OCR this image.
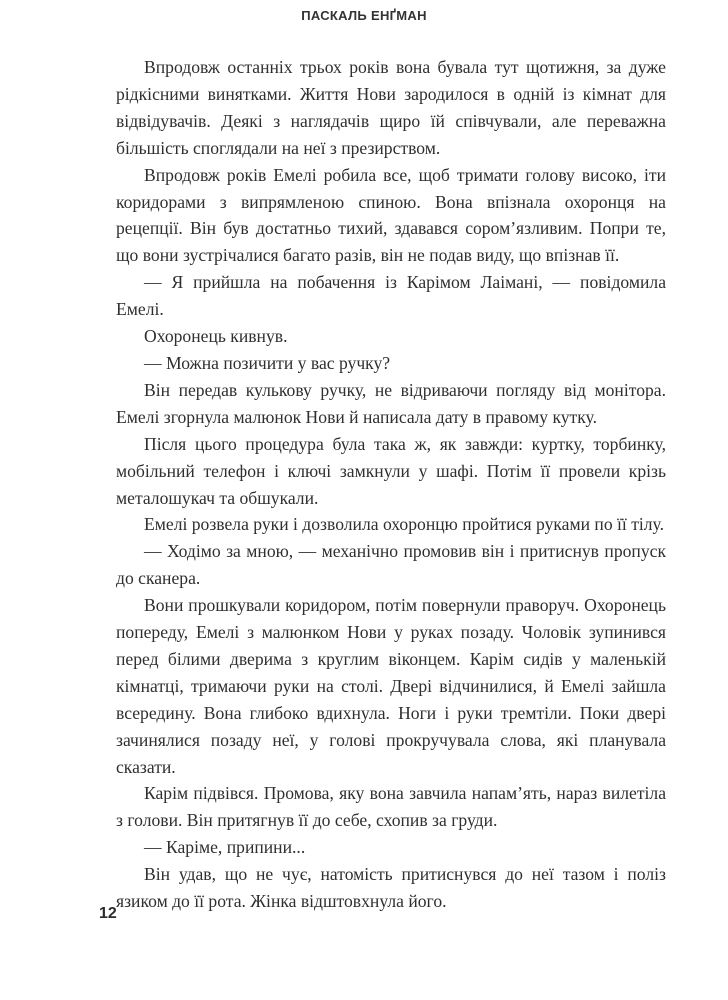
ПАСКАЛЬ ЕНҐМАН

Впродовж останніх трьох років вона бувала тут щотижня, за дуже рідкісними винятками. Життя Нови зародилося в одній із кімнат для відвідувачів. Деякі з наглядачів щиро їй співчували, але переважна більшість споглядали на неї з презирством.

Впродовж років Емелі робила все, щоб тримати голову високо, іти коридорами з випрямленою спиною. Вона впізнала охоронця на рецепції. Він був достатньо тихий, здавався сором’язливим. Попри те, що вони зустрічалися багато разів, він не подав виду, що впізнав її.

— Я прийшла на побачення із Карімом Лаімані, — повідомила Емелі.

Охоронець кивнув.

— Можна позичити у вас ручку?

Він передав кулькову ручку, не відриваючи погляду від монітора. Емелі згорнула малюнок Нови й написала дату в правому кутку.

Після цього процедура була така ж, як завжди: куртку, торбинку, мобільний телефон і ключі замкнули у шафі. Потім її провели крізь металошукач та обшукали.

Емелі розвела руки і дозволила охоронцю пройтися руками по її тілу.

— Ходімо за мною, — механічно промовив він і притиснув пропуск до сканера.

Вони прошкували коридором, потім повернули праворуч. Охоронець попереду, Емелі з малюнком Нови у руках позаду. Чоловік зупинився перед білими дверима з круглим віконцем. Карім сидів у маленькій кімнатці, тримаючи руки на столі. Двері відчинилися, й Емелі зайшла всередину. Вона глибоко вдихнула. Ноги і руки тремтіли. Поки двері зачинялися позаду неї, у голові прокручувала слова, які планувала сказати.

Карім підвівся. Промова, яку вона завчила напам’ять, нараз вилетіла з голови. Він притягнув її до себе, схопив за груди.

— Каріме, припини...

Він удав, що не чує, натомість притиснувся до неї тазом і поліз язиком до її рота. Жінка відштовхнула його.

12
